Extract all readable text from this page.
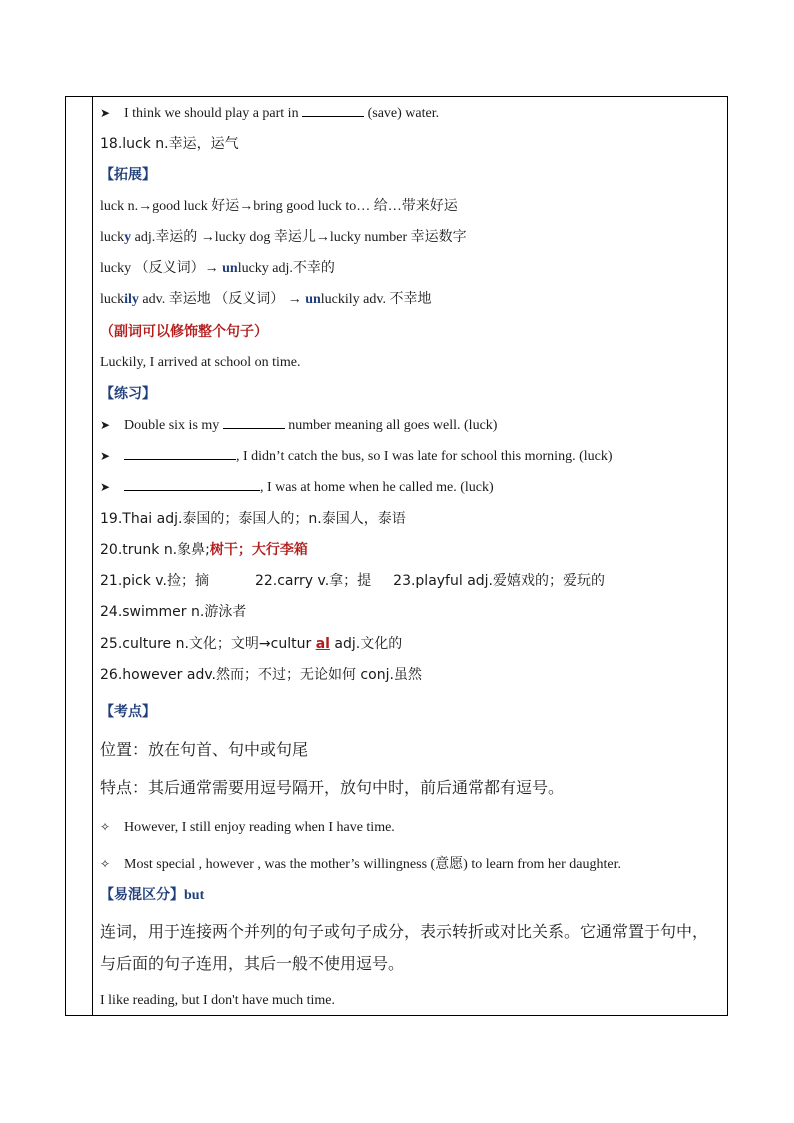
➤ I think we should play a part in	(save) water.
18.luck n.幸运，运气
【拓展】
luck n.→good luck 好运→bring good luck to… 给…带来好运
lucky adj.幸运的 →lucky dog 幸运儿→lucky number 幸运数字
lucky （反义词）→ unlucky adj.不幸的
luckily adv. 幸运地 （反义词） → unluckily adv. 不幸地
（副词可以修饰整个句子）
Luckily, I arrived at school on time.
【练习】
➤ Double six is my	number meaning all goes well. (luck)
➤	, I didn’t catch the bus, so I was late for school this morning. (luck)
➤	, I was at home when he called me. (luck)
19.Thai adj.泰国的；泰国人的；n.泰国人，泰语
20.trunk n.象鼻;树干；大行李箱
21.pick v.捡；摘	22.carry v.拿；提 23.playful adj.爱嬉戏的；爱玩的
24.swimmer n.游泳者
25.culture n.文化；文明→cultur al adj.文化的
26.however adv.然而；不过；无论如何 conj.虽然
【考点】
位置：放在句首、句中或句尾
特点：其后通常需要用逗号隔开，放句中时，前后通常都有逗号。
✧ However, I still enjoy reading when I have time.
✧ Most special , however , was the mother’s willingness (意愿) to learn from her daughter.
【易混区分】but
连词，用于连接两个并列的句子或句子成分，表示转折或对比关系。它通常置于句中，与后面的句子连用，其后一般不使用逗号。
I like reading, but I don't have much time.
